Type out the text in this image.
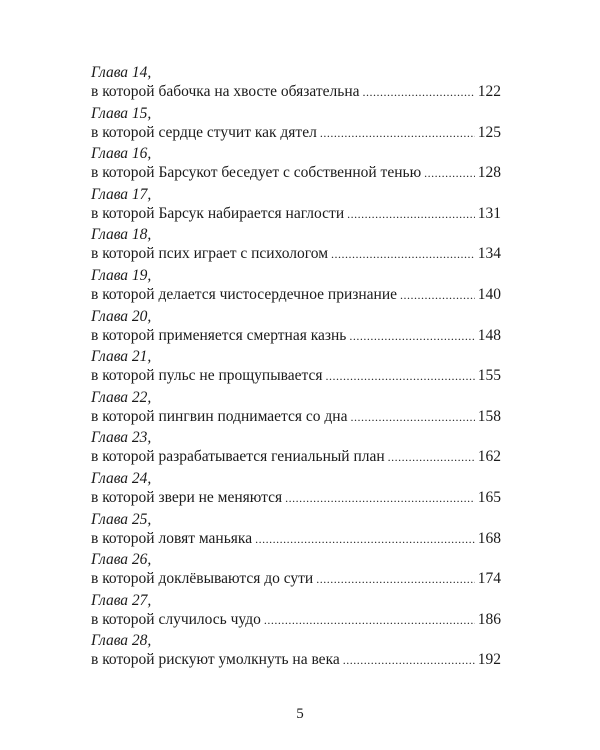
Глава 14,
в которой бабочка на хвосте обязательна .....	122
Глава 15,
в которой сердце стучит как дятел .....	125
Глава 16,
в которой Барсукот беседует с собственной тенью .....	128
Глава 17,
в которой Барсук набирается наглости .....	131
Глава 18,
в которой псих играет с психологом .....	134
Глава 19,
в которой делается чистосердечное признание .....	140
Глава 20,
в которой применяется смертная казнь .....	148
Глава 21,
в которой пульс не прощупывается .....	155
Глава 22,
в которой пингвин поднимается со дна .....	158
Глава 23,
в которой разрабатывается гениальный план .....	162
Глава 24,
в которой звери не меняются .....	165
Глава 25,
в которой ловят маньяка .....	168
Глава 26,
в которой доклёвываются до сути .....	174
Глава 27,
в которой случилось чудо .....	186
Глава 28,
в которой рискуют умолкнуть на века .....	192
5
